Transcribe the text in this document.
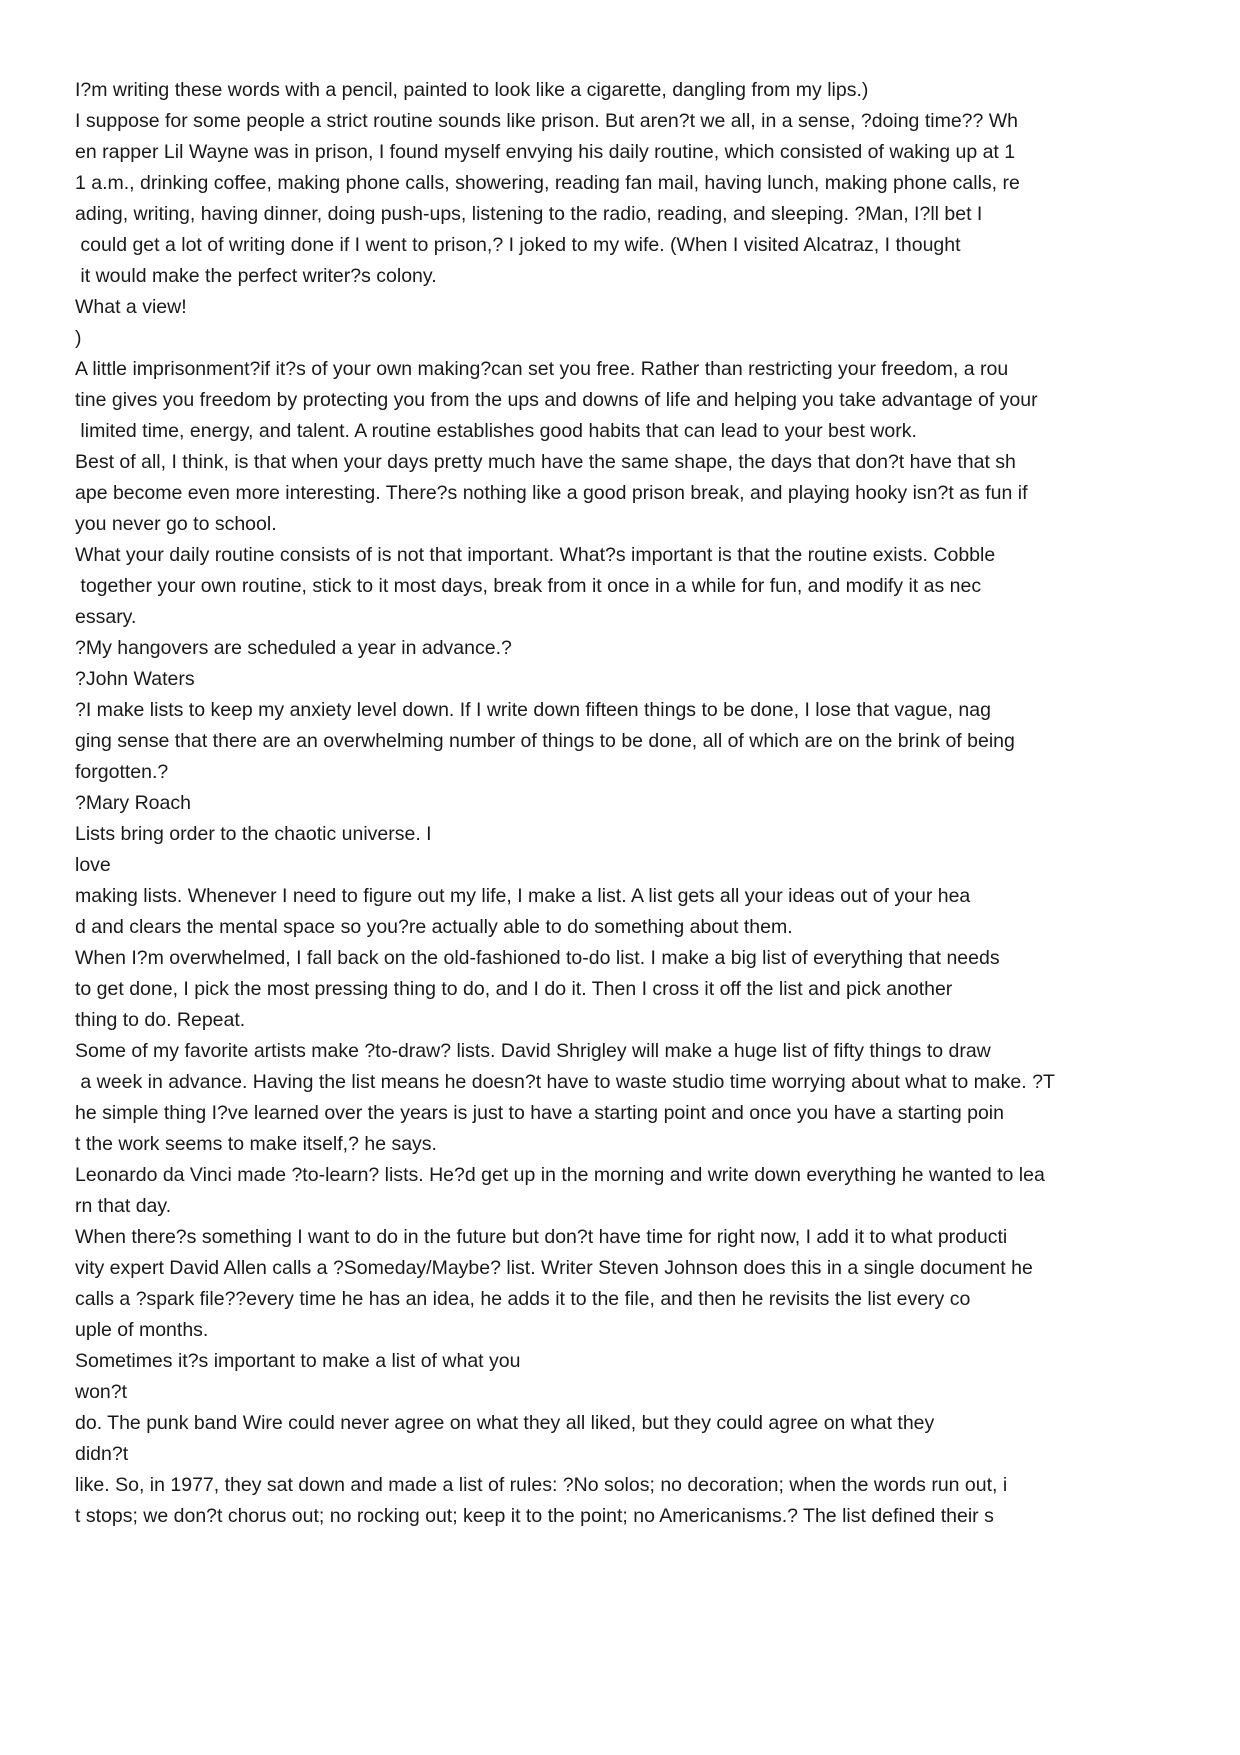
I?m writing these words with a pencil, painted to look like a cigarette, dangling from my lips.)

I suppose for some people a strict routine sounds like prison. But aren?t we all, in a sense, ?doing time?? Wh

en rapper Lil Wayne was in prison, I found myself envying his daily routine, which consisted of waking up at 1

1 a.m., drinking coffee, making phone calls, showering, reading fan mail, having lunch, making phone calls, re

ading, writing, having dinner, doing push-ups, listening to the radio, reading, and sleeping. ?Man, I?ll bet I

could get a lot of writing done if I went to prison,? I joked to my wife. (When I visited Alcatraz, I thought

it would make the perfect writer?s colony.

What a view!

)

A little imprisonment?if it?s of your own making?can set you free. Rather than restricting your freedom, a rou

tine gives you freedom by protecting you from the ups and downs of life and helping you take advantage of your

limited time, energy, and talent. A routine establishes good habits that can lead to your best work.

Best of all, I think, is that when your days pretty much have the same shape, the days that don?t have that sh

ape become even more interesting. There?s nothing like a good prison break, and playing hooky isn?t as fun if

you never go to school.

What your daily routine consists of is not that important. What?s important is that the routine exists. Cobble

together your own routine, stick to it most days, break from it once in a while for fun, and modify it as nec

essary.

?My hangovers are scheduled a year in advance.?

?John Waters

?I make lists to keep my anxiety level down. If I write down fifteen things to be done, I lose that vague, nag

ging sense that there are an overwhelming number of things to be done, all of which are on the brink of being

forgotten.?

?Mary Roach

Lists bring order to the chaotic universe. I

love

making lists. Whenever I need to figure out my life, I make a list. A list gets all your ideas out of your hea

d and clears the mental space so you?re actually able to do something about them.

When I?m overwhelmed, I fall back on the old-fashioned to-do list. I make a big list of everything that needs

to get done, I pick the most pressing thing to do, and I do it. Then I cross it off the list and pick another

thing to do. Repeat.

Some of my favorite artists make ?to-draw? lists. David Shrigley will make a huge list of fifty things to draw

a week in advance. Having the list means he doesn?t have to waste studio time worrying about what to make. ?T

he simple thing I?ve learned over the years is just to have a starting point and once you have a starting poin

t the work seems to make itself,? he says.

Leonardo da Vinci made ?to-learn? lists. He?d get up in the morning and write down everything he wanted to lea

rn that day.

When there?s something I want to do in the future but don?t have time for right now, I add it to what producti

vity expert David Allen calls a ?Someday/Maybe? list. Writer Steven Johnson does this in a single document he

calls a ?spark file??every time he has an idea, he adds it to the file, and then he revisits the list every co

uple of months.

Sometimes it?s important to make a list of what you

won?t

do. The punk band Wire could never agree on what they all liked, but they could agree on what they

didn?t

like. So, in 1977, they sat down and made a list of rules: ?No solos; no decoration; when the words run out, i

t stops; we don?t chorus out; no rocking out; keep it to the point; no Americanisms.? The list defined their s
